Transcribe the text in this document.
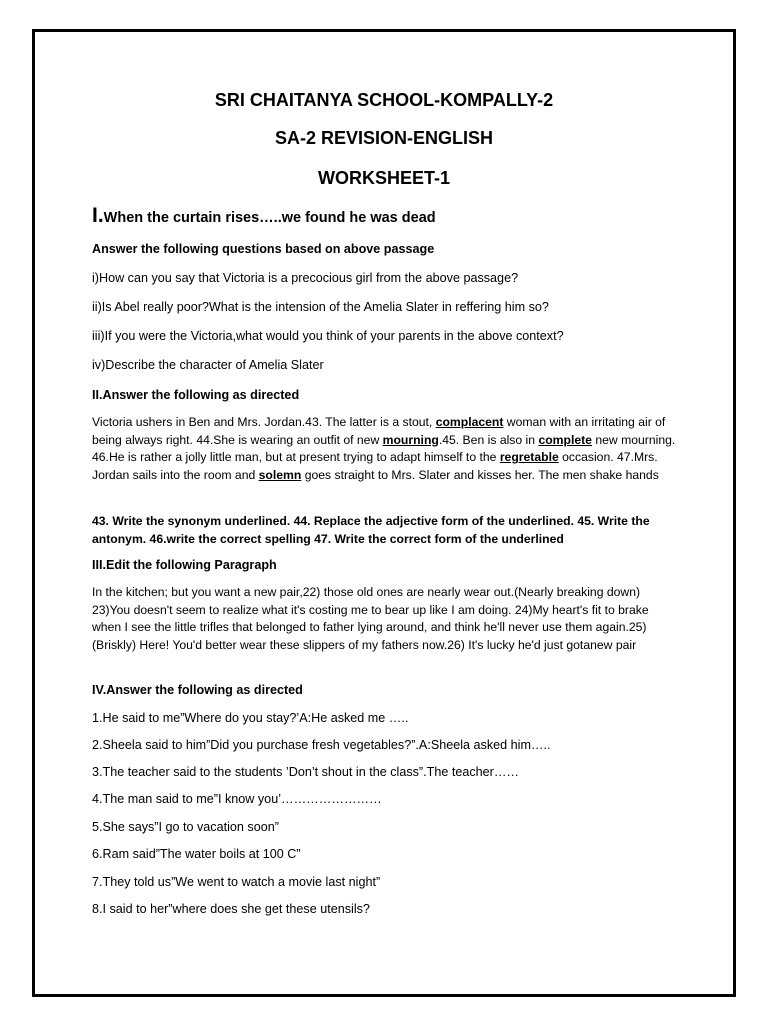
SRI CHAITANYA SCHOOL-KOMPALLY-2
SA-2 REVISION-ENGLISH
WORKSHEET-1
I.When the curtain rises…..we found he was dead
Answer the following questions based on above passage
i)How can you say that Victoria is a precocious girl from the above passage?
ii)Is Abel really poor?What is the intension of the Amelia Slater in reffering him so?
iii)If you were the Victoria,what would you think of your parents in the above context?
iv)Describe the character of Amelia Slater
II.Answer the following as directed
Victoria ushers in Ben and Mrs. Jordan.43. The latter is a stout, complacent woman with an irritating air of being always right. 44.She is wearing an outfit of new mourning.45. Ben is also in complete new mourning. 46.He is rather a jolly little man, but at present trying to adapt himself to the regretable occasion. 47.Mrs. Jordan sails into the room and solemn goes straight to Mrs. Slater and kisses her. The men shake hands
43. Write the synonym underlined. 44. Replace the adjective form of the underlined. 45. Write the antonym. 46.write the correct spelling 47. Write the correct form of the underlined
III.Edit the following Paragraph
In the kitchen; but you want a new pair,22) those old ones are nearly wear out.(Nearly breaking down) 23)You doesn't seem to realize what it's costing me to bear up like I am doing. 24)My heart's fit to brake when I see the little trifles that belonged to father lying around, and think he'll never use them again.25)(Briskly) Here! You'd better wear these slippers of my fathers now.26) It's lucky he'd just gotanew pair
IV.Answer the following as directed
1.He said to me”Where do you stay?’A:He asked me …..
2.Sheela said to him”Did you purchase fresh vegetables?”.A:Sheela asked him…..
3.The teacher said to the students ’Don’t shout in the class”.The teacher……
4.The man said to me”I know you’……………………
5.She says”I go to vacation soon”
6.Ram said”The water boils at 100 C”
7.They told us”We went to watch a movie last night”
8.I said to her”where does she get these utensils?
